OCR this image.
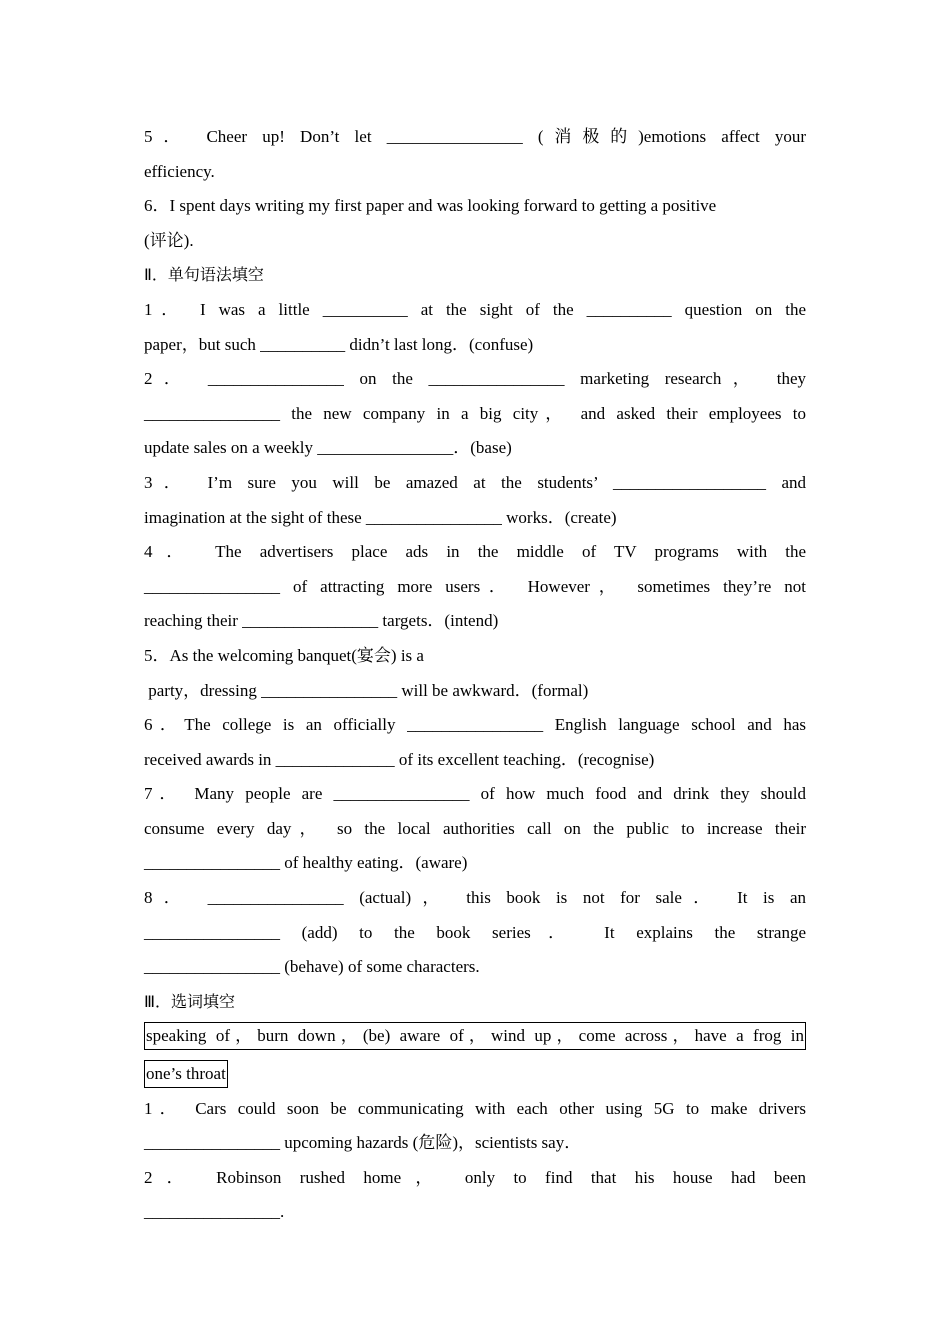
5． Cheer up! Don’t let ________________ (消极的)emotions affect your
efficiency.
6．I spent days writing my first paper and was looking forward to getting a positive
(评论).
Ⅱ．单句语法填空
1． I was a little __________ at the sight of the __________ question on the
paper，but such __________ didn’t last long．(confuse)
2． ________________ on the ________________ marketing research， they
________________ the new company in a big city， and asked their employees to
update sales on a weekly ________________．(base)
3． I’m sure you will be amazed at the students’ __________________ and
imagination at the sight of these ________________ works．(create)
4． The advertisers place ads in the middle of TV programs with the
________________ of attracting more users． However， sometimes they’re not
reaching their ________________ targets．(intend)
5．As the welcoming banquet(宴会) is a
party，dressing ________________ will be awkward．(formal)
6．The college is an officially ________________ English language school and has
received awards in ______________ of its excellent teaching．(recognise)
7． Many people are ________________ of how much food and drink they should
consume every day， so the local authorities call on the public to increase their
________________ of healthy eating．(aware)
8． ________________ (actual)， this book is not for sale． It is an
________________ (add) to the book series． It explains the strange
________________ (behave) of some characters.
Ⅲ．选词填空
speaking of，burn down，(be) aware of，wind up，come across，have a frog in
one’s throat
1． Cars could soon be communicating with each other using 5G to make drivers
________________ upcoming hazards (危险)，scientists say．
2． Robinson rushed home， only to find that his house had been
________________.
